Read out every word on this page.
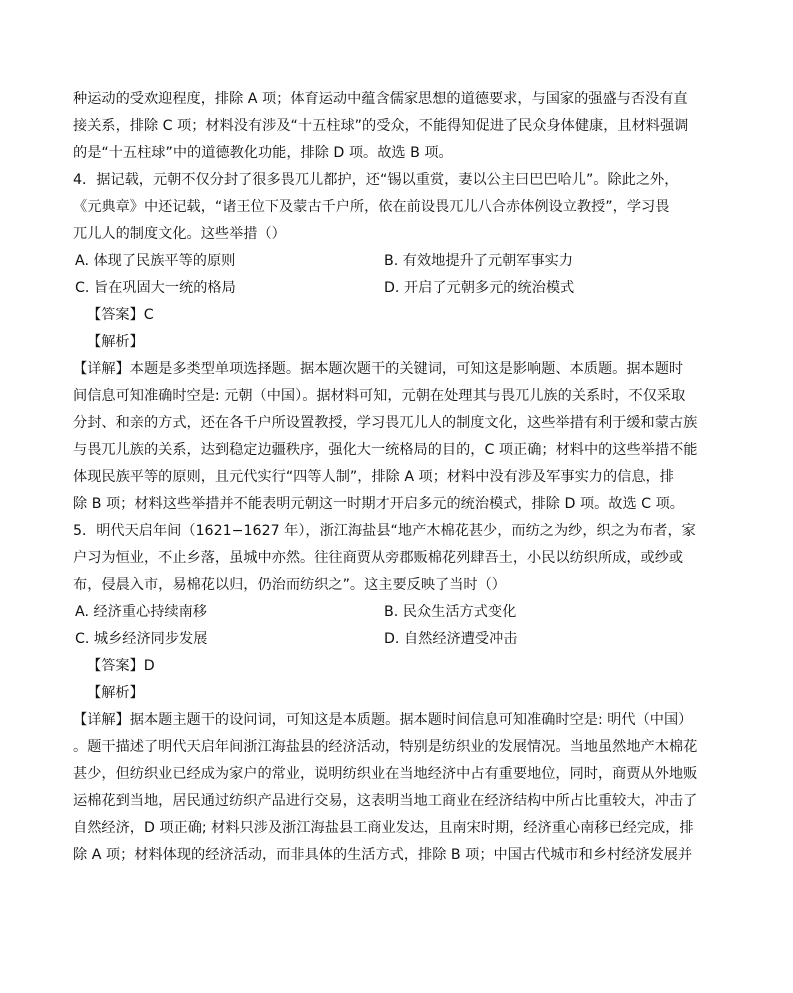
种运动的受欢迎程度，排除 A 项；体育运动中蕴含儒家思想的道德要求，与国家的强盛与否没有直
接关系，排除 C 项；材料没有涉及“十五柱球”的受众，不能得知促进了民众身体健康，且材料强调
的是“十五柱球”中的道德教化功能，排除 D 项。故选 B 项。
4．据记载，元朝不仅分封了很多畏兀儿都护，还“锡以重赏，妻以公主曰巴巴哈儿”。除此之外，
《元典章》中还记载，“诸王位下及蒙古千户所，依在前设畏兀儿八合赤体例设立教授”，学习畏
兀儿人的制度文化。这些举措（）
A. 体现了民族平等的原则	B. 有效地提升了元朝军事实力
C. 旨在巩固大一统的格局	D. 开启了元朝多元的统治模式
【答案】C
【解析】
【详解】本题是多类型单项选择题。据本题次题干的关键词，可知这是影响题、本质题。据本题时
间信息可知准确时空是: 元朝（中国）。据材料可知，元朝在处理其与畏兀儿族的关系时，不仅采取
分封、和亲的方式，还在各千户所设置教授，学习畏兀儿人的制度文化，这些举措有利于缓和蒙古族
与畏兀儿族的关系，达到稳定边疆秩序，强化大一统格局的目的，C 项正确；材料中的这些举措不能
体现民族平等的原则，且元代实行“四等人制”，排除 A 项；材料中没有涉及军事实力的信息，排
除 B 项；材料这些举措并不能表明元朝这一时期才开启多元的统治模式，排除 D 项。故选 C 项。
5．明代天启年间（1621−1627 年），浙江海盐县“地产木棉花甚少，而纺之为纱，织之为布者，家
户习为恒业，不止乡落，虽城中亦然。往往商贾从旁郡贩棉花列肆吾土，小民以纺织所成，或纱或
布，侵晨入市，易棉花以归，仍治而纺织之”。这主要反映了当时（）
A. 经济重心持续南移	B. 民众生活方式变化
C. 城乡经济同步发展	D. 自然经济遭受冲击
【答案】D
【解析】
【详解】据本题主题干的设问词，可知这是本质题。据本题时间信息可知准确时空是: 明代（中国）
。题干描述了明代天启年间浙江海盐县的经济活动，特别是纺织业的发展情况。当地虽然地产木棉花
甚少，但纺织业已经成为家户的常业，说明纺织业在当地经济中占有重要地位，同时，商贾从外地贩
运棉花到当地，居民通过纺织产品进行交易，这表明当地工商业在经济结构中所占比重较大，冲击了
自然经济，D 项正确; 材料只涉及浙江海盐县工商业发达，且南宋时期，经济重心南移已经完成，排
除 A 项；材料体现的经济活动，而非具体的生活方式，排除 B 项；中国古代城市和乡村经济发展并
